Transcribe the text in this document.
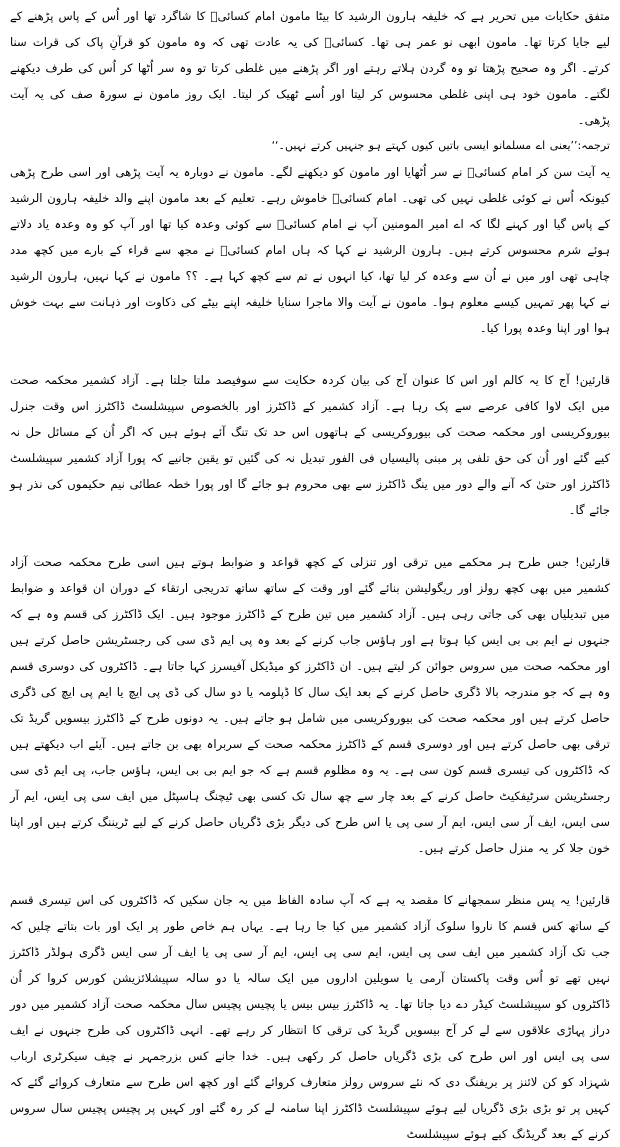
متفق حکایات میں تحریر ہے کہ خلیفہ ہارون الرشید کا بیٹا مامون امام کسائیؒ کا شاگرد تھا اور اُس کے پاس پڑھنے کے لیے جایا کرتا تھا۔ مامون ابھی نو عمر ہی تھا۔ کسائیؒ کی یہ عادت تھی کہ وہ مامون کو قرآنِ پاک کی قرات سنا کرتے۔ اگر وہ صحیح پڑھتا تو وہ گردن ہلاتے رہتے اور اگر پڑھنے میں غلطی کرتا تو وہ سر اُٹھا کر اُس کی طرف دیکھنے لگتے۔ مامون خود ہی اپنی غلطی محسوس کر لیتا اور اُسے ٹھیک کر لیتا۔ ایک روز مامون نے سورۃ صف کی یہ آیت پڑھی۔

ترجمہ:’’یعنی اے مسلمانو ایسی باتیں کیوں کہتے ہو جنہیں کرتے نہیں۔‘‘

یہ آیت سن کر امام کسائیؒ نے سر اُٹھایا اور مامون کو دیکھنے لگے۔ مامون نے دوبارہ یہ آیت پڑھی اور اسی طرح پڑھی کیونکہ اُس نے کوئی غلطی نہیں کی تھی۔ امام کسائیؒ خاموش رہے۔ تعلیم کے بعد مامون اپنے والد خلیفہ ہارون الرشید کے پاس گیا اور کہنے لگا کہ اے امیر المومنین آپ نے امام کسائیؒ سے کوئی وعدہ کیا تھا اور آپ کو وہ وعدہ یاد دلاتے ہوئے شرم محسوس کرتے ہیں۔ ہارون الرشید نے کہا کہ ہاں امام کسائیؒ نے مجھ سے قراء کے بارے میں کچھ مدد چاہی تھی اور میں نے اُن سے وعدہ کر لیا تھا، کیا انہوں نے تم سے کچھ کہا ہے۔ ؟؟ مامون نے کہا نہیں، ہارون الرشید نے کہا پھر تمہیں کیسے معلوم ہوا۔ مامون نے آیت والا ماجرا سنایا خلیفہ اپنے بیٹے کی ذکاوت اور ذہانت سے بہت خوش ہوا اور اپنا وعدہ پورا کیا۔

قارئین! آج کا یہ کالم اور اس کا عنوان آج کی بیان کردہ حکایت سے سوفیصد ملتا جلتا ہے۔ آزاد کشمیر محکمہ صحت میں ایک لاوا کافی عرصے سے پک رہا ہے۔ آزاد کشمیر کے ڈاکٹرز اور بالخصوص سپیشلسٹ ڈاکٹرز اس وقت جنرل بیوروکریسی اور محکمہ صحت کی بیوروکریسی کے ہاتھوں اس حد تک تنگ آئے ہوئے ہیں کہ اگر اُن کے مسائل حل نہ کیے گئے اور اُن کی حق تلفی پر مبنی پالیسیاں فی الفور تبدیل نہ کی گئیں تو یقین جانیے کہ پورا آزاد کشمیر سپیشلسٹ ڈاکٹرز اور حتیٰ کہ آنے والے دور میں ینگ ڈاکٹرز سے بھی محروم ہو جائے گا اور پورا خطہ عطائی نیم حکیموں کی نذر ہو جائے گا۔

قارئین! جس طرح ہر محکمے میں ترقی اور تنزلی کے کچھ قواعد و ضوابط ہوتے ہیں اسی طرح محکمہ صحت آزاد کشمیر میں بھی کچھ رولز اور ریگولیشن بنائے گئے اور وقت کے ساتھ ساتھ تدریجی ارتقاء کے دوران ان قواعد و ضوابط میں تبدیلیاں بھی کی جاتی رہی ہیں۔ آزاد کشمیر میں تین طرح کے ڈاکٹرز موجود ہیں۔ ایک ڈاکٹرز کی قسم وہ ہے کہ جنہوں نے ایم بی بی ایس کیا ہوتا ہے اور ہاؤس جاب کرنے کے بعد وہ پی ایم ڈی سی کی رجسٹریشن حاصل کرتے ہیں اور محکمہ صحت میں سروس جوائن کر لیتے ہیں۔ ان ڈاکٹرز کو میڈیکل آفیسرز کہا جاتا ہے۔ ڈاکٹروں کی دوسری قسم وہ ہے کہ جو مندرجہ بالا ڈگری حاصل کرنے کے بعد ایک سال کا ڈپلومہ یا دو سال کی ڈی پی ایچ یا ایم پی ایچ کی ڈگری حاصل کرتے ہیں اور محکمہ صحت کی بیوروکریسی میں شامل ہو جاتے ہیں۔ یہ دونوں طرح کے ڈاکٹرز بیسویں گریڈ تک ترقی بھی حاصل کرتے ہیں اور دوسری قسم کے ڈاکٹرز محکمہ صحت کے سربراہ بھی بن جاتے ہیں۔ آیئے اب دیکھتے ہیں کہ ڈاکٹروں کی تیسری قسم کون سی ہے۔ یہ وہ مظلوم قسم ہے کہ جو ایم بی بی ایس، ہاؤس جاب، پی ایم ڈی سی رجسٹریشن سرٹیفکیٹ حاصل کرنے کے بعد چار سے چھ سال تک کسی بھی ٹیچنگ ہاسپٹل میں ایف سی پی ایس، ایم آر سی ایس، ایف آر سی ایس، ایم آر سی پی یا اس طرح کی دیگر بڑی ڈگریاں حاصل کرنے کے لیے ٹریننگ کرتے ہیں اور اپنا خون جلا کر یہ منزل حاصل کرتے ہیں۔

قارئین! یہ پس منظر سمجھانے کا مقصد یہ ہے کہ آپ سادہ الفاظ میں یہ جان سکیں کہ ڈاکٹروں کی اس تیسری قسم کے ساتھ کس قسم کا ناروا سلوک آزاد کشمیر میں کیا جا رہا ہے۔ یہاں ہم خاص طور پر ایک اور بات بتاتے چلیں کہ جب تک آزاد کشمیر میں ایف سی پی ایس، ایم سی پی ایس، ایم آر سی پی یا ایف آر سی ایس ڈگری ہولڈر ڈاکٹرز نہیں تھے تو اُس وقت پاکستان آرمی یا سویلین اداروں میں ایک سالہ یا دو سالہ سپیشلائزیشن کورس کروا کر اُن ڈاکٹروں کو سپیشلسٹ کیڈر دے دیا جاتا تھا۔ یہ ڈاکٹرز بیس بیس یا پچیس پچیس سال محکمہ صحت آزاد کشمیر میں دور دراز پہاڑی علاقوں سے لے کر آج بیسویں گریڈ کی ترقی کا انتظار کر رہے تھے۔ انہی ڈاکٹروں کی طرح جنہوں نے ایف سی پی ایس اور اس طرح کی بڑی ڈگریاں حاصل کر رکھی ہیں۔ خدا جانے کس بزرجمہر نے چیف سیکرٹری ارباب شہزاد کو کن لائنز پر بریفنگ دی کہ نئے سروس رولز متعارف کروائے گئے اور کچھ اس طرح سے متعارف کروائے گئے کہ کہیں پر تو بڑی بڑی ڈگریاں لیے ہوئے سپیشلسٹ ڈاکٹرز اپنا سامنہ لے کر رہ گئے اور کہیں پر پچیس پچیس سال سروس کرنے کے بعد گریڈنگ کیے ہوئے سپیشلسٹ
